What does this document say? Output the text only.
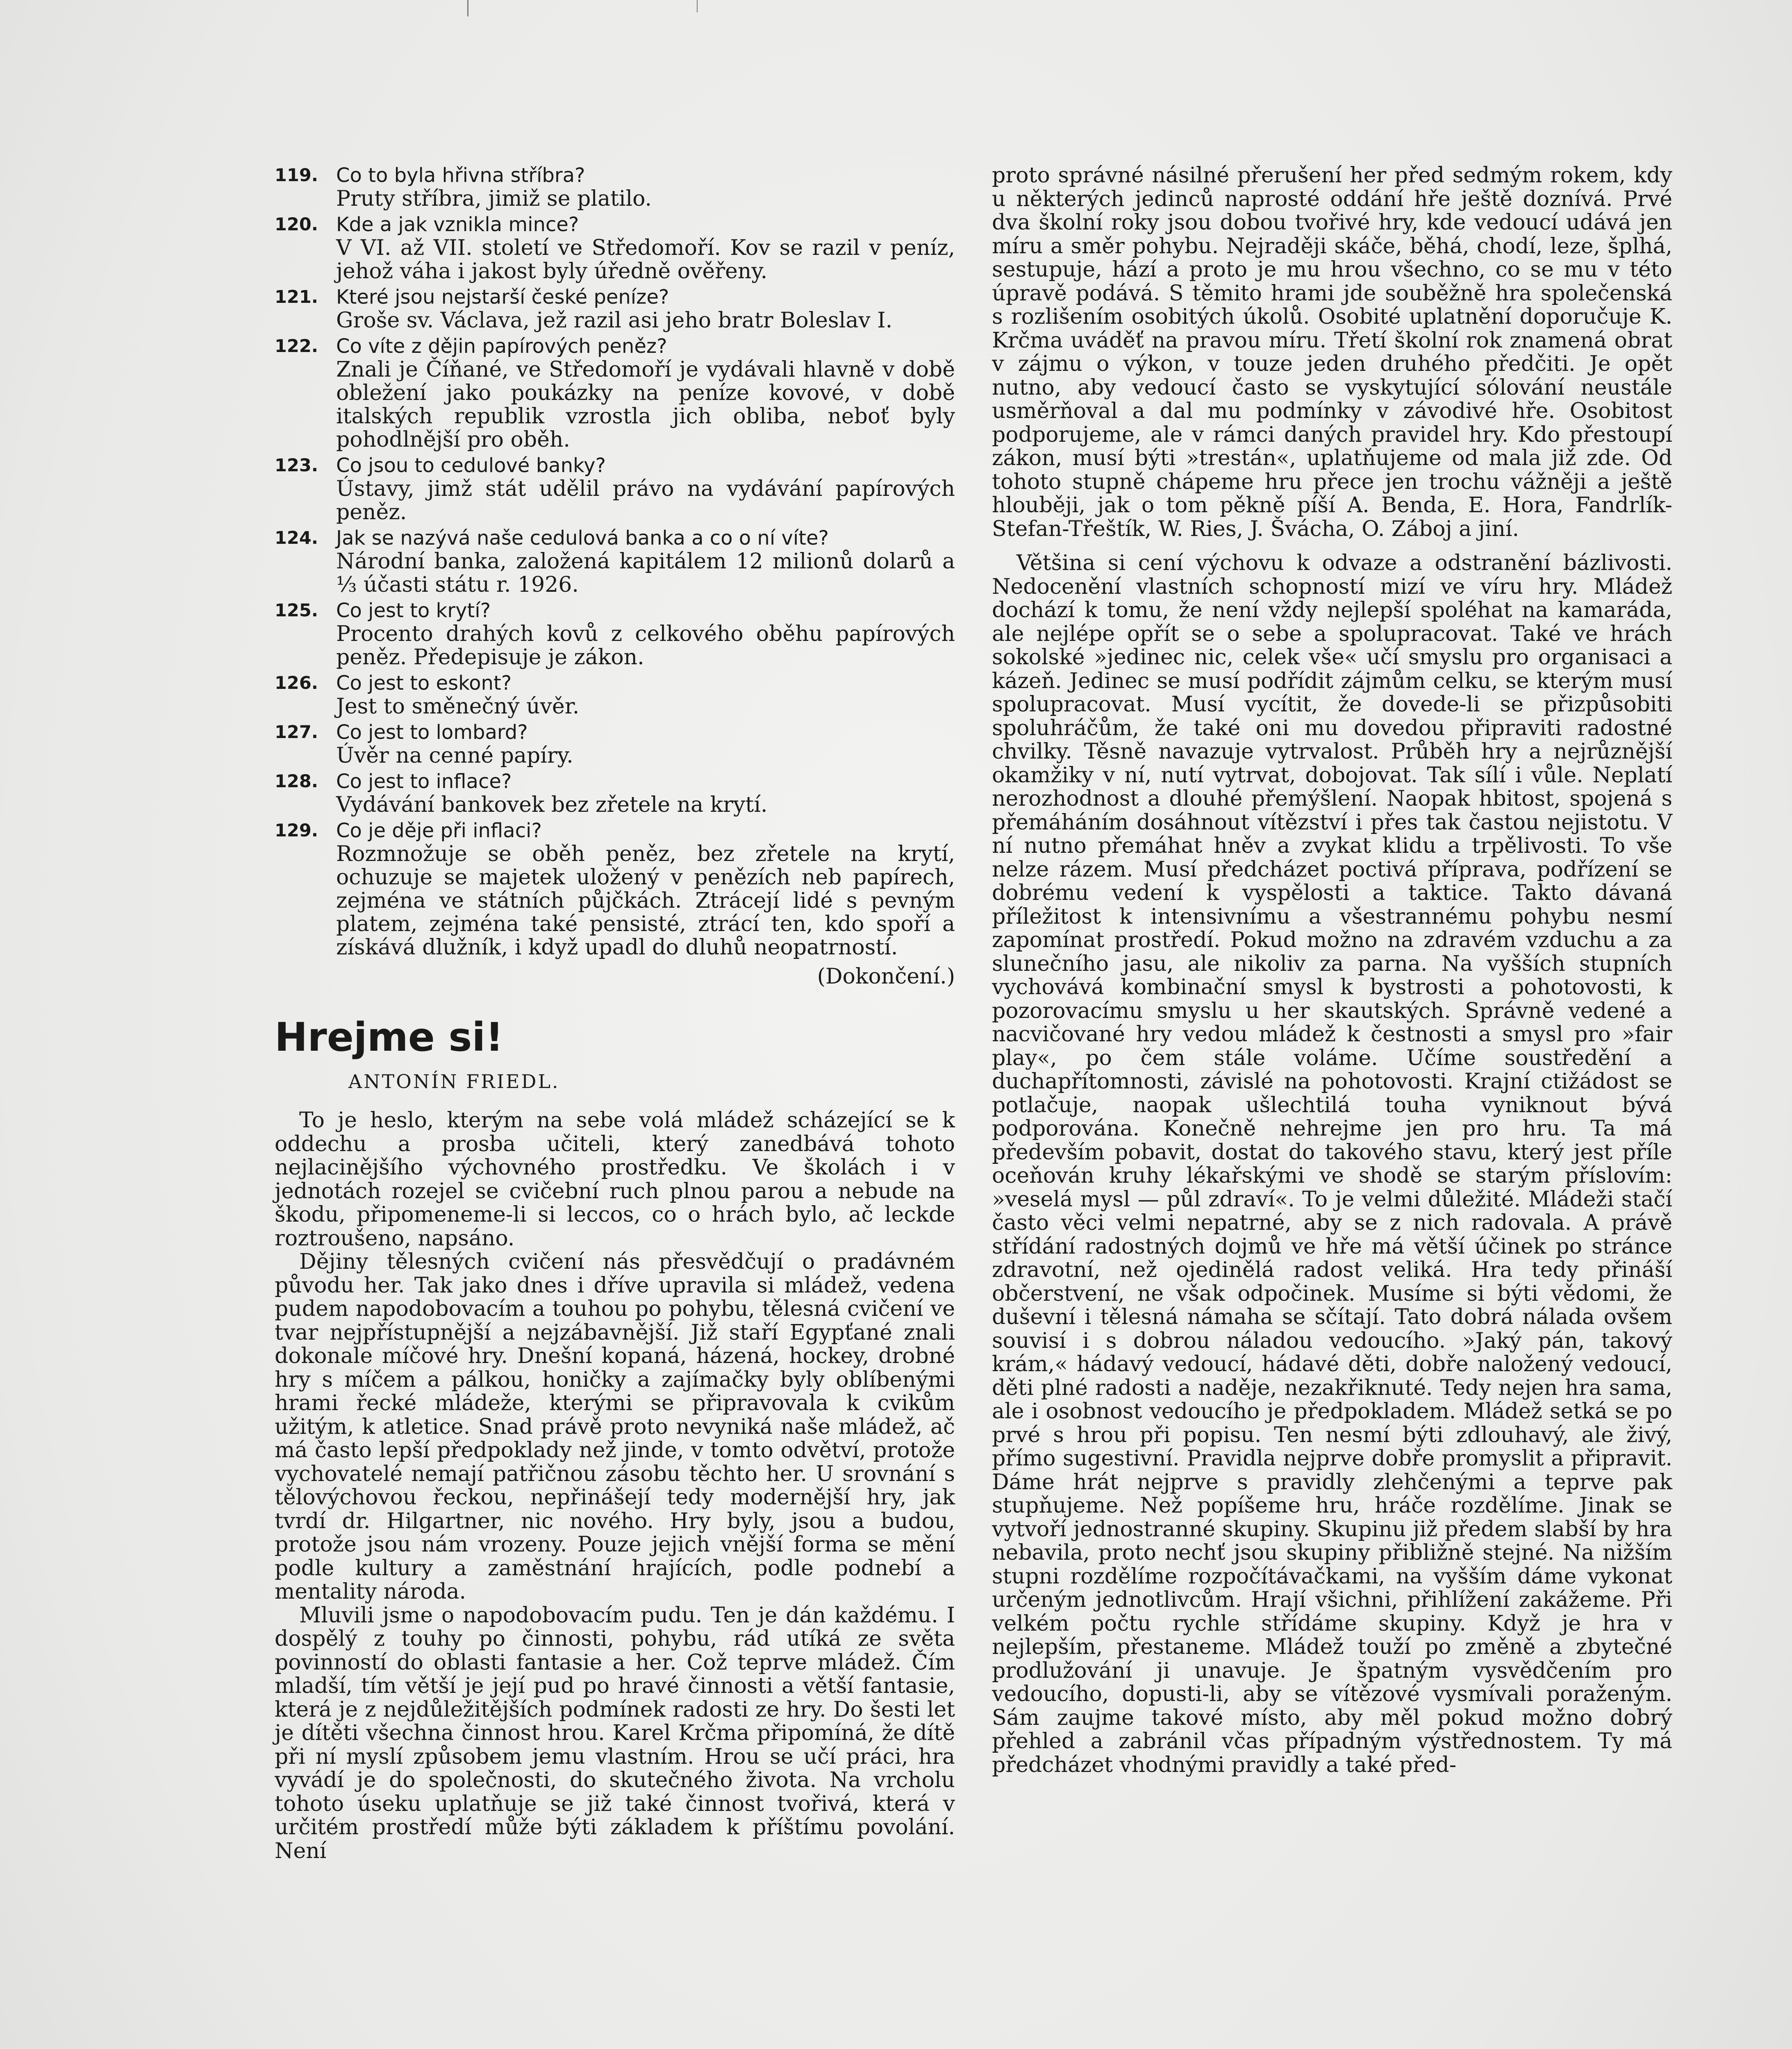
119. Co to byla hřivna stříbra?

Pruty stříbra, jimiž se platilo.

120. Kde a jak vznikla mince?

V VI. až VII. století ve Středomoří. Kov se razil v peníz, jehož váha i jakost byly úředně ověřeny.

121. Které jsou nejstarší české peníze?

Groše sv. Václava, jež razil asi jeho bratr Boleslav I.

122. Co víte z dějin papírových peněz?

Znali je Číňané, ve Středomoří je vydávali hlavně v době obležení jako poukázky na peníze kovové, v době italských republik vzrostla jich obliba, neboť byly pohodlnější pro oběh.

123. Co jsou to cedulové banky?

Ústavy, jimž stát udělil právo na vydávání papírových peněz.

124. Jak se nazývá naše cedulová banka a co o ní víte?

Národní banka, založená kapitálem 12 milionů dolarů a ⅓ účasti státu r. 1926.

125. Co jest to krytí?

Procento drahých kovů z celkového oběhu papírových peněz. Předepisuje je zákon.

126. Co jest to eskont?

Jest to směnečný úvěr.

127. Co jest to lombard?

Úvěr na cenné papíry.

128. Co jest to inflace?

Vydávání bankovek bez zřetele na krytí.

129. Co je děje při inflaci?

Rozmnožuje se oběh peněz, bez zřetele na krytí, ochuzuje se majetek uložený v penězích neb papírech, zejména ve státních půjčkách. Ztrácejí lidé s pevným platem, zejména také pensisté, ztrácí ten, kdo spoří a získává dlužník, i když upadl do dluhů neopatrností.

(Dokončení.)

Hrejme si!

ANTONÍN FRIEDL.

To je heslo, kterým na sebe volá mládež scházející se k oddechu a prosba učiteli, který zanedbává tohoto nejlacinějšího výchovného prostředku. Ve školách i v jednotách rozejel se cvičební ruch plnou parou a nebude na škodu, připomeneme-li si leccos, co o hrách bylo, ač leckde roztroušeno, napsáno.

Dějiny tělesných cvičení nás přesvědčují o pradávném původu her. Tak jako dnes i dříve upravila si mládež, vedena pudem napodobovacím a touhou po pohybu, tělesná cvičení ve tvar nejpřístupnější a nejzábavnější. Již staří Egypťané znali dokonale míčové hry. Dnešní kopaná, házená, hockey, drobné hry s míčem a pálkou, honičky a zajímačky byly oblíbenými hrami řecké mládeže, kterými se připravovala k cvikům užitým, k atletice. Snad právě proto nevyniká naše mládež, ač má často lepší předpoklady než jinde, v tomto odvětví, protože vychovatelé nemají patřičnou zásobu těchto her. U srovnání s tělovýchovou řeckou, nepřinášejí tedy modernější hry, jak tvrdí dr. Hilgartner, nic nového. Hry byly, jsou a budou, protože jsou nám vrozeny. Pouze jejich vnější forma se mění podle kultury a zaměstnání hrajících, podle podnebí a mentality národa.

Mluvili jsme o napodobovacím pudu. Ten je dán každému. I dospělý z touhy po činnosti, pohybu, rád utíká ze světa povinností do oblasti fantasie a her. Což teprve mládež. Čím mladší, tím větší je její pud po hravé činnosti a větší fantasie, která je z nejdůležitějších podmínek radosti ze hry. Do šesti let je dítěti všechna činnost hrou. Karel Krčma připomíná, že dítě při ní myslí způsobem jemu vlastním. Hrou se učí práci, hra vyvádí je do společnosti, do skutečného života. Na vrcholu tohoto úseku uplatňuje se již také činnost tvořivá, která v určitém prostředí může býti základem k příštímu povolání. Není

proto správné násilné přerušení her před sedmým rokem, kdy u některých jedinců naprosté oddání hře ještě doznívá. Prvé dva školní roky jsou dobou tvořivé hry, kde vedoucí udává jen míru a směr pohybu. Nejraději skáče, běhá, chodí, leze, šplhá, sestupuje, hází a proto je mu hrou všechno, co se mu v této úpravě podává. S těmito hrami jde souběžně hra společenská s rozlišením osobitých úkolů. Osobité uplatnění doporučuje K. Krčma uváděť na pravou míru. Třetí školní rok znamená obrat v zájmu o výkon, v touze jeden druhého předčiti. Je opět nutno, aby vedoucí často se vyskytující sólování neustále usměrňoval a dal mu podmínky v závodivé hře. Osobitost podporujeme, ale v rámci daných pravidel hry. Kdo přestoupí zákon, musí býti »trestán«, uplatňujeme od mala již zde. Od tohoto stupně chápeme hru přece jen trochu vážněji a ještě hlouběji, jak o tom pěkně píší A. Benda, E. Hora, Fandrlík-Stefan-Třeštík, W. Ries, J. Švácha, O. Záboj a jiní.

Většina si cení výchovu k odvaze a odstranění bázlivosti. Nedocenění vlastních schopností mizí ve víru hry. Mládež dochází k tomu, že není vždy nejlepší spoléhat na kamaráda, ale nejlépe opřít se o sebe a spolupracovat. Také ve hrách sokolské »jedinec nic, celek vše« učí smyslu pro organisaci a kázeň. Jedinec se musí podřídit zájmům celku, se kterým musí spolupracovat. Musí vycítit, že dovede-li se přizpůsobiti spoluhráčům, že také oni mu dovedou připraviti radostné chvilky. Těsně navazuje vytrvalost. Průběh hry a nejrůznější okamžiky v ní, nutí vytrvat, dobojovat. Tak sílí i vůle. Neplatí nerozhodnost a dlouhé přemýšlení. Naopak hbitost, spojená s přemáháním dosáhnout vítězství i přes tak častou nejistotu. V ní nutno přemáhat hněv a zvykat klidu a trpělivosti. To vše nelze rázem. Musí předcházet poctivá příprava, podřízení se dobrému vedení k vyspělosti a taktice. Takto dávaná příležitost k intensivnímu a všestrannému pohybu nesmí zapomínat prostředí. Pokud možno na zdravém vzduchu a za slunečního jasu, ale nikoliv za parna. Na vyšších stupních vychovává kombinační smysl k bystrosti a pohotovosti, k pozorovacímu smyslu u her skautských. Správně vedené a nacvičované hry vedou mládež k čestnosti a smysl pro »fair play«, po čem stále voláme. Učíme soustředění a duchapřítomnosti, závislé na pohotovosti. Krajní ctižádost se potlačuje, naopak ušlechtilá touha vyniknout bývá podporována. Konečně nehrejme jen pro hru. Ta má především pobavit, dostat do takového stavu, který jest příle oceňován kruhy lékařskými ve shodě se starým příslovím: »veselá mysl — půl zdraví«. To je velmi důležité. Mládeži stačí často věci velmi nepatrné, aby se z nich radovala. A právě střídání radostných dojmů ve hře má větší účinek po stránce zdravotní, než ojedinělá radost veliká. Hra tedy přináší občerstvení, ne však odpočinek. Musíme si býti vědomi, že duševní i tělesná námaha se sčítají. Tato dobrá nálada ovšem souvisí i s dobrou náladou vedoucího. »Jaký pán, takový krám,« hádavý vedoucí, hádavé děti, dobře naložený vedoucí, děti plné radosti a naděje, nezakřiknuté. Tedy nejen hra sama, ale i osobnost vedoucího je předpokladem. Mládež setká se po prvé s hrou při popisu. Ten nesmí býti zdlouhavý, ale živý, přímo sugestivní. Pravidla nejprve dobře promyslit a připravit. Dáme hrát nejprve s pravidly zlehčenými a teprve pak stupňujeme. Než popíšeme hru, hráče rozdělíme. Jinak se vytvoří jednostranné skupiny. Skupinu již předem slabší by hra nebavila, proto nechť jsou skupiny přibližně stejné. Na nižším stupni rozdělíme rozpočítávačkami, na vyšším dáme vykonat určeným jednotlivcům. Hrají všichni, přihlížení zakážeme. Při velkém počtu rychle střídáme skupiny. Když je hra v nejlepším, přestaneme. Mládež touží po změně a zbytečné prodlužování ji unavuje. Je špatným vysvědčením pro vedoucího, dopusti-li, aby se vítězové vysmívali poraženým. Sám zaujme takové místo, aby měl pokud možno dobrý přehled a zabránil včas případným výstřednostem. Ty má předcházet vhodnými pravidly a také před-
